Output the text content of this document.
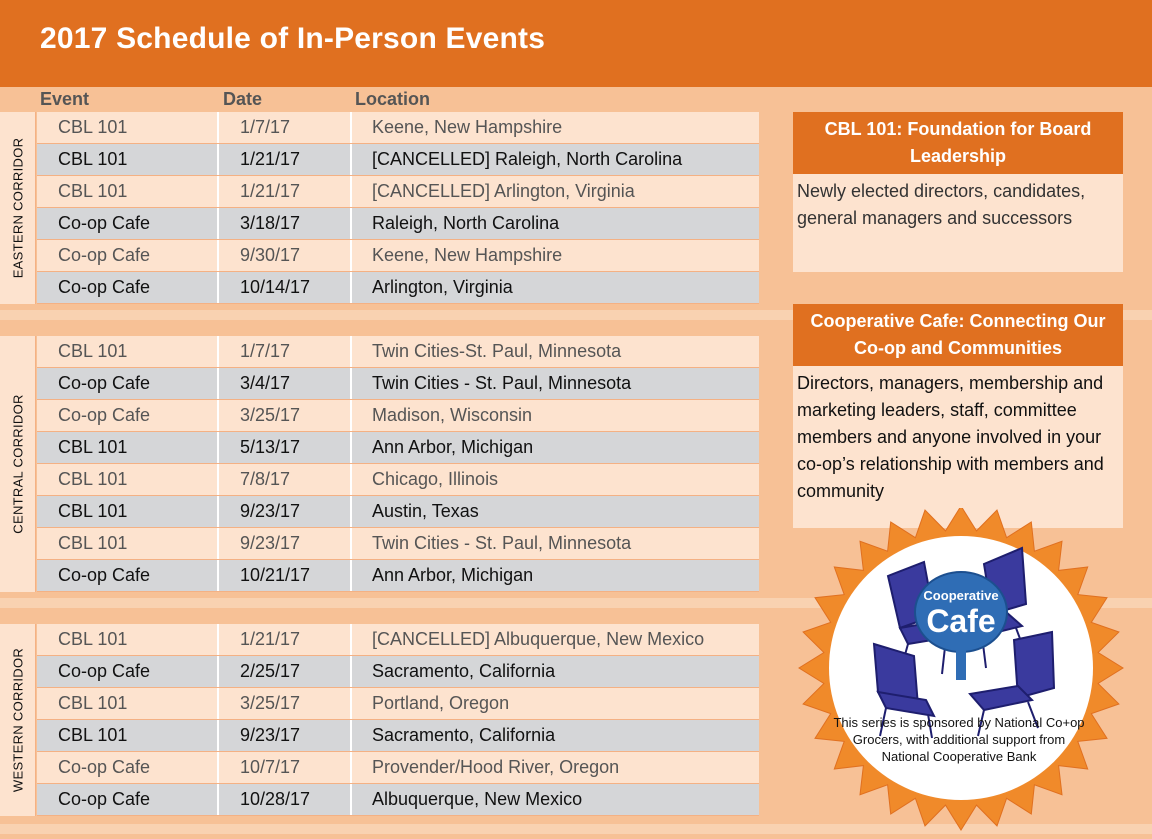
2017 Schedule of In-Person Events
Event	Date	Location
EASTERN CORRIDOR
CBL 101	1/7/17	Keene, New Hampshire
CBL 101	1/21/17	[CANCELLED] Raleigh, North Carolina
CBL 101	1/21/17	[CANCELLED] Arlington, Virginia
Co-op Cafe	3/18/17	Raleigh, North Carolina
Co-op Cafe	9/30/17	Keene, New Hampshire
Co-op Cafe	10/14/17	Arlington, Virginia
CENTRAL CORRIDOR
CBL 101	1/7/17	Twin Cities-St. Paul, Minnesota
Co-op Cafe	3/4/17	Twin Cities - St. Paul, Minnesota
Co-op Cafe	3/25/17	Madison, Wisconsin
CBL 101	5/13/17	Ann Arbor, Michigan
CBL 101	7/8/17	Chicago, Illinois
CBL 101	9/23/17	Austin, Texas
CBL 101	9/23/17	Twin Cities - St. Paul, Minnesota
Co-op Cafe	10/21/17	Ann Arbor, Michigan
WESTERN CORRIDOR
CBL 101	1/21/17	[CANCELLED] Albuquerque, New Mexico
Co-op Cafe	2/25/17	Sacramento, California
CBL 101	3/25/17	Portland, Oregon
CBL 101	9/23/17	Sacramento, California
Co-op Cafe	10/7/17	Provender/Hood River, Oregon
Co-op Cafe	10/28/17	Albuquerque, New Mexico
CBL 101: Foundation for Board Leadership
Newly elected directors, candidates, general managers and successors
Cooperative Cafe: Connecting Our Co-op and Communities
Directors, managers, membership and marketing leaders, staff, committee members and anyone involved in your co-op’s relationship with members and community
Cooperative
Cafe
This series is sponsored by National Co+op Grocers, with additional support from National Cooperative Bank
